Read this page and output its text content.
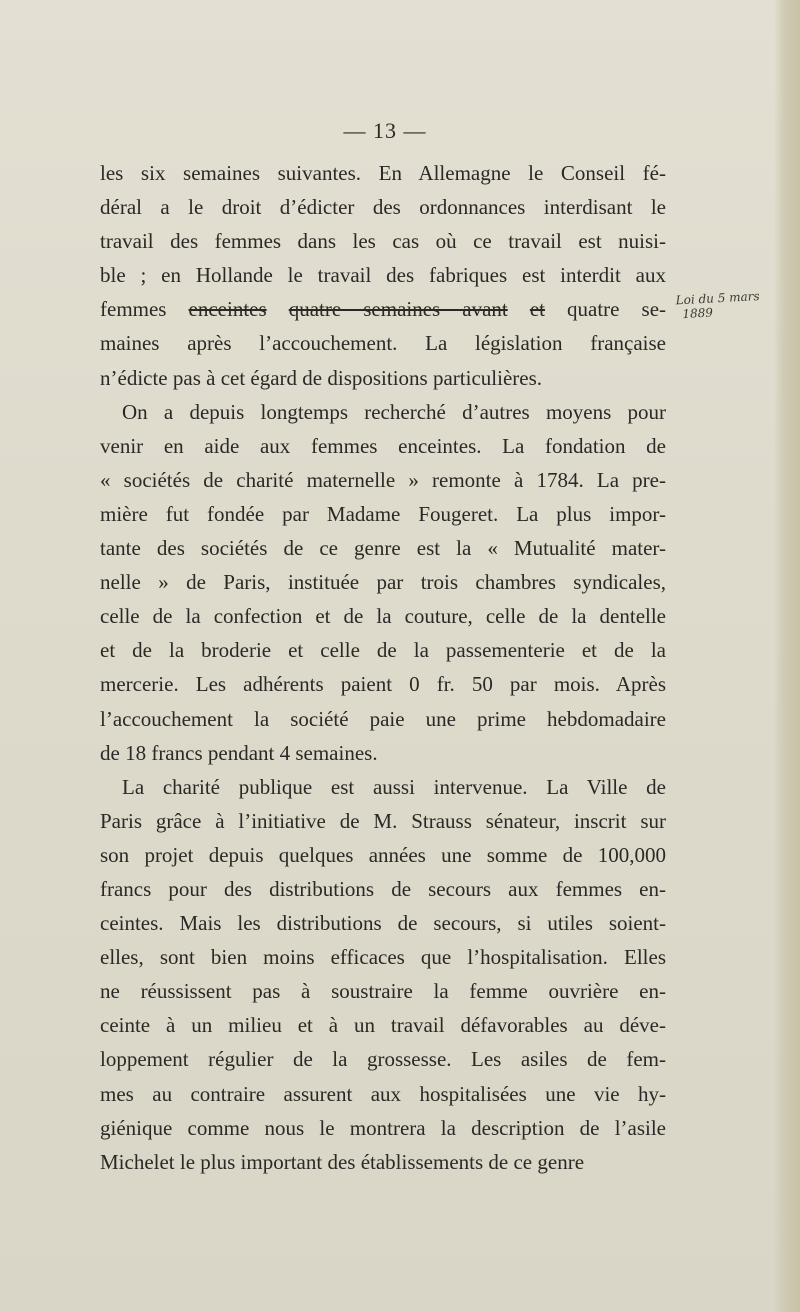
— 13 —
les six semaines suivantes. En Allemagne le Conseil fé-
déral a le droit d’édicter des ordonnances interdisant le
travail des femmes dans les cas où ce travail est nuisi-
ble ; en Hollande le travail des fabriques est interdit aux
femmes enceintes quatre semaines avant et quatre se-
maines après l’accouchement. La législation française
n’édicte pas à cet égard de dispositions particulières.
On a depuis longtemps recherché d’autres moyens pour
venir en aide aux femmes enceintes. La fondation de
« sociétés de charité maternelle » remonte à 1784. La pre-
mière fut fondée par Madame Fougeret. La plus impor-
tante des sociétés de ce genre est la « Mutualité mater-
nelle » de Paris, instituée par trois chambres syndicales,
celle de la confection et de la couture, celle de la dentelle
et de la broderie et celle de la passementerie et de la
mercerie. Les adhérents paient 0 fr. 50 par mois. Après
l’accouchement la société paie une prime hebdomadaire
de 18 francs pendant 4 semaines.
La charité publique est aussi intervenue. La Ville de
Paris grâce à l’initiative de M. Strauss sénateur, inscrit sur
son projet depuis quelques années une somme de 100,000
francs pour des distributions de secours aux femmes en-
ceintes. Mais les distributions de secours, si utiles soient-
elles, sont bien moins efficaces que l’hospitalisation. Elles
ne réussissent pas à soustraire la femme ouvrière en-
ceinte à un milieu et à un travail défavorables au déve-
loppement régulier de la grossesse. Les asiles de fem-
mes au contraire assurent aux hospitalisées une vie hy-
giénique comme nous le montrera la description de l’asile
Michelet le plus important des établissements de ce genre
Loi du 5 mars
1889
